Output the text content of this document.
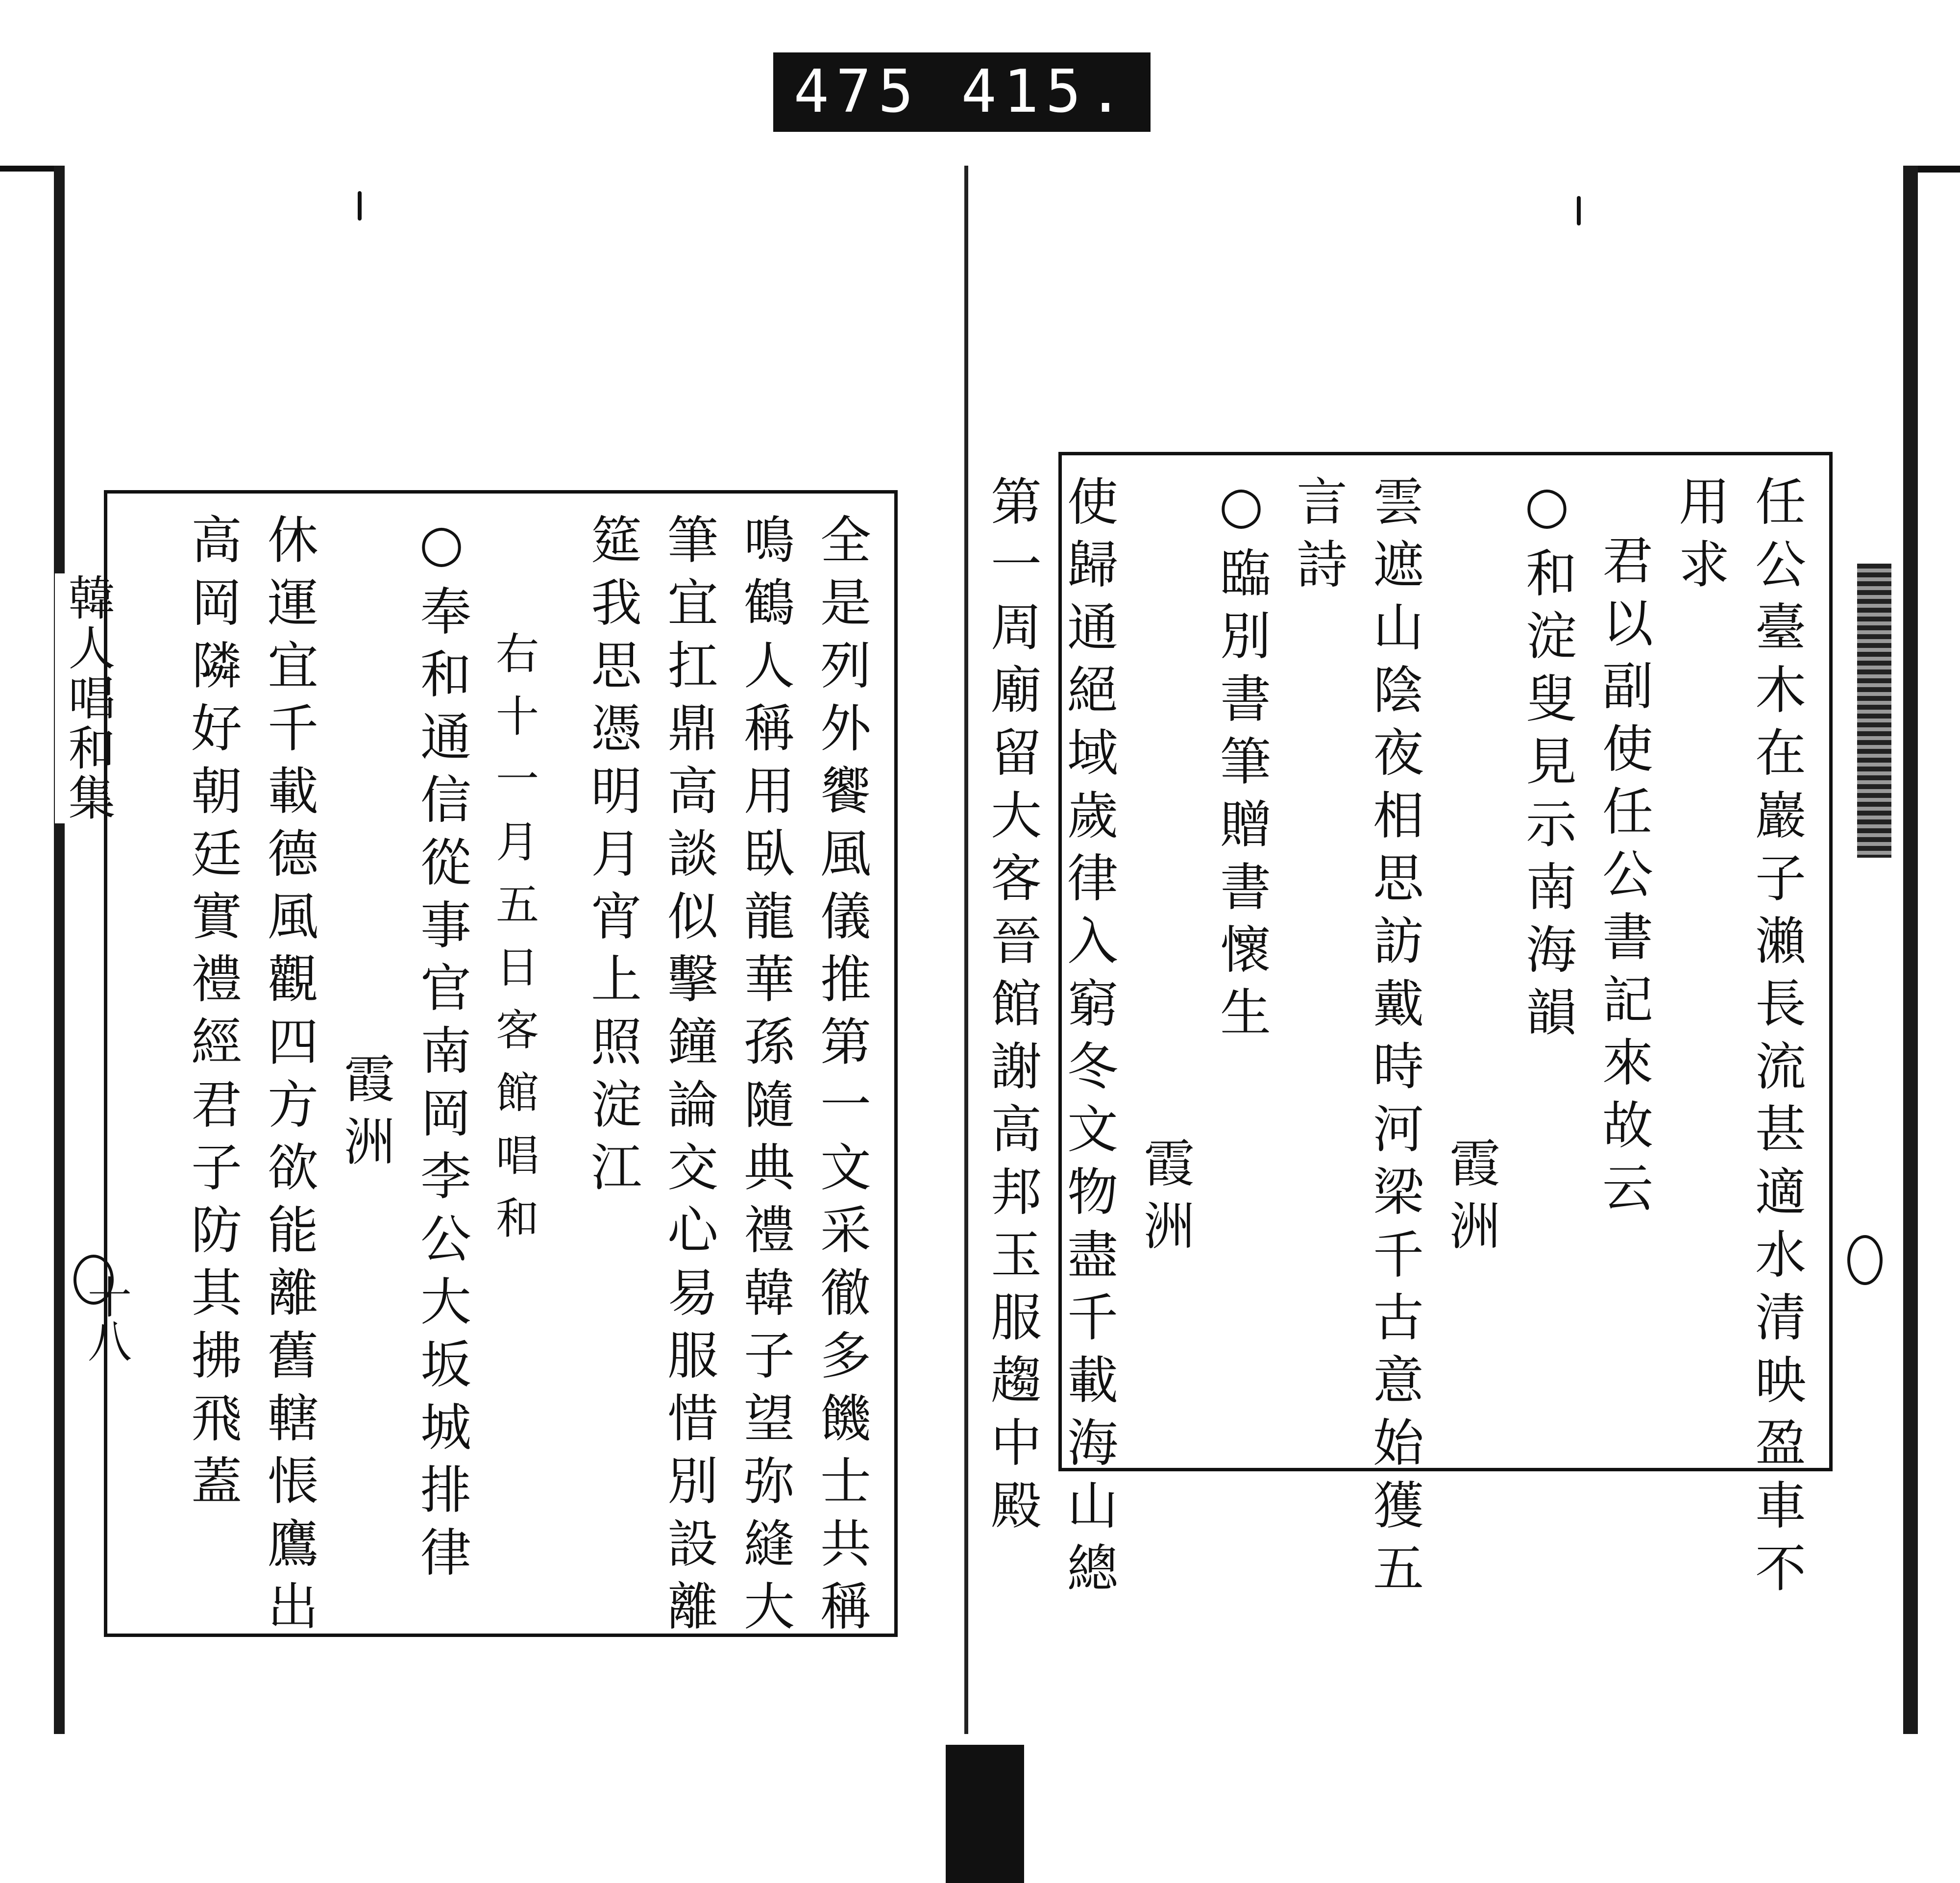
475 415.
韓人唱和集
十八	全是列外饗風儀推第一文采徹多饑士共稱
鳴鶴人稱用臥龍華孫隨典禮韓子望弥縫大
筆宜扛鼎高談似擊鐘論交心易服惜別設離
筵我思憑明月宵上照淀江
右十一月五日客館唱和
○奉和通信從事官南岡李公大坂城排律
霞洲
休運宜千載德風觀四方欲能離舊轄悵鷹出
高岡隣好朝廷實禮經君子防其拂飛蓋	任公臺木在巖子瀨長流甚適水清映盈車不
用求
君以副使任公書記來故云
○和淀叟見示南海韻
霞洲
雲遮山陰夜相思訪戴時河梁千古意始獲五
言詩
○臨別書筆贈書懷生
霞洲
使歸通絕域歲律入窮冬文物盡千載海山總
第一周廟留大客晉館謝高邦玉服趨中殿
